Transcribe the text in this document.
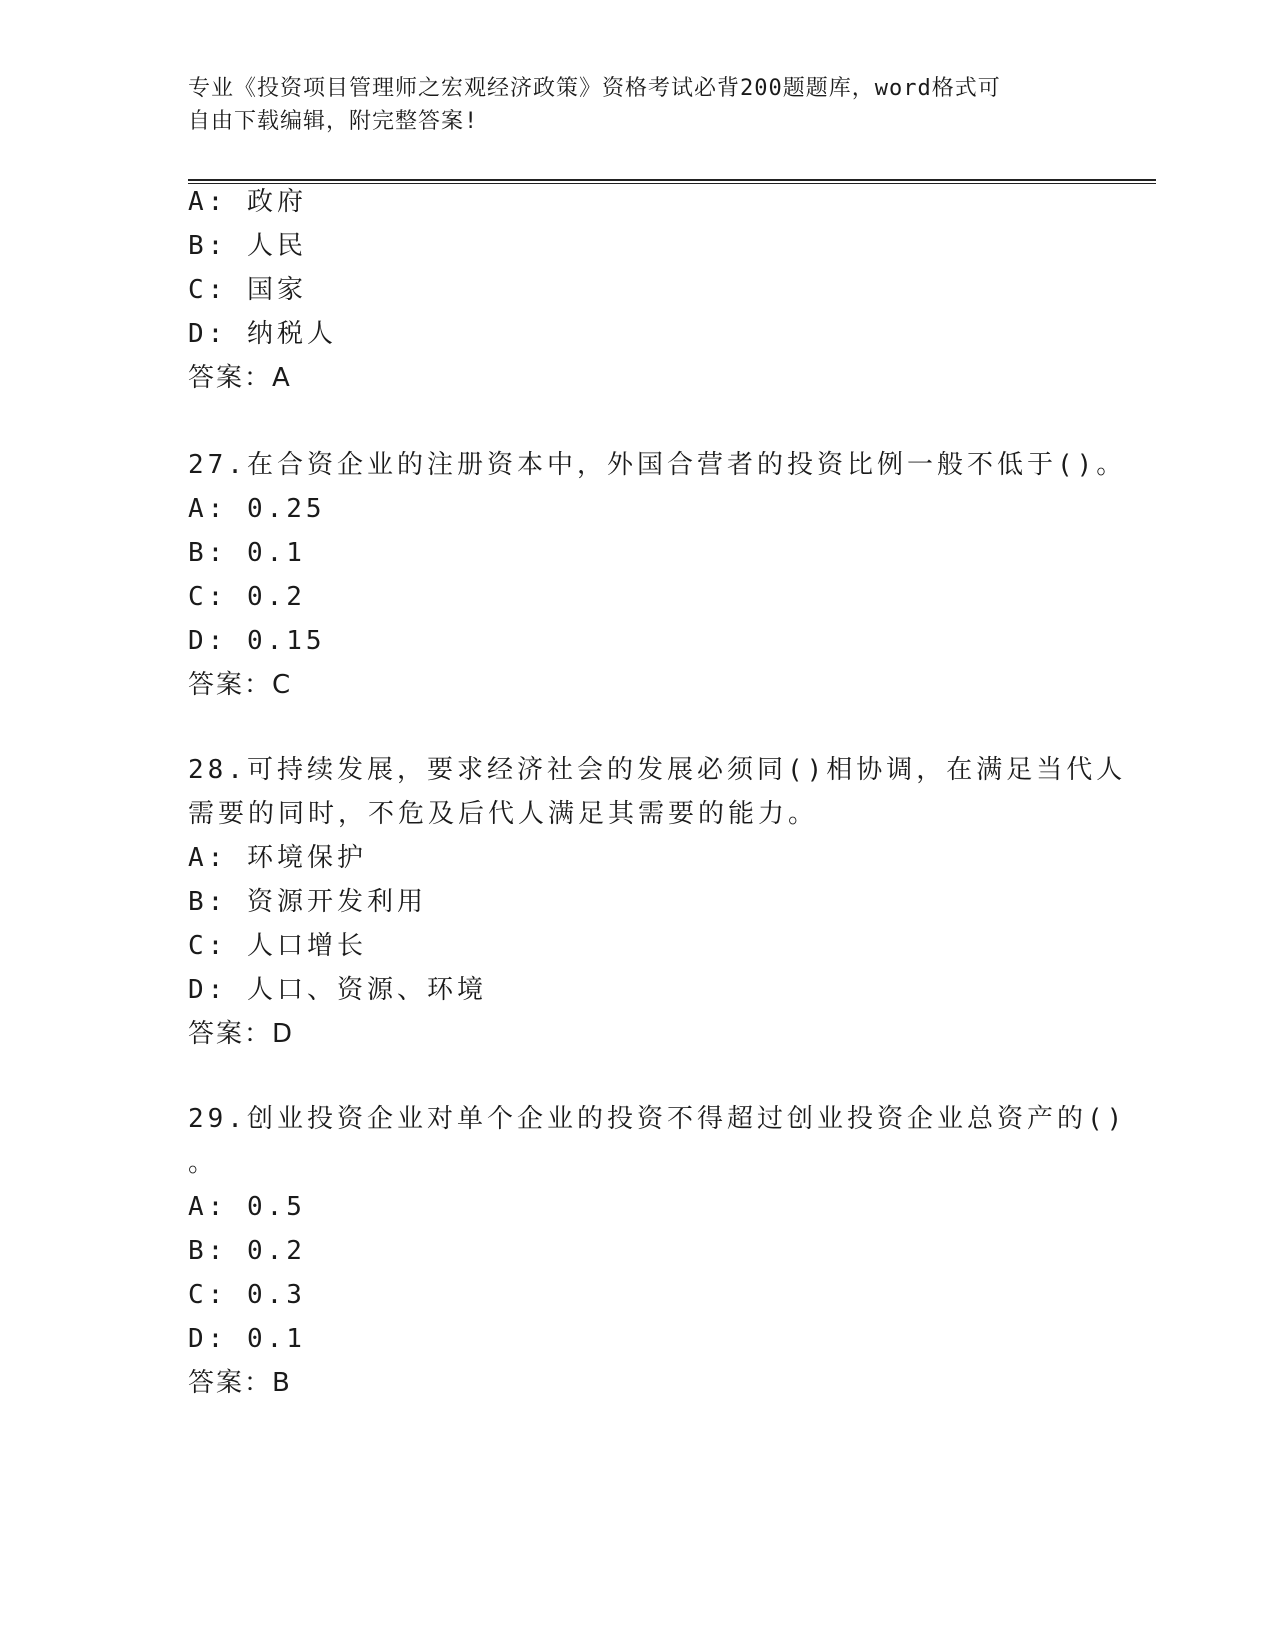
专业《投资项目管理师之宏观经济政策》资格考试必背200题题库，word格式可
自由下载编辑，附完整答案!
A: 政府
B: 人民
C: 国家
D: 纳税人
答案：A
27.在合资企业的注册资本中，外国合营者的投资比例一般不低于()。
A: 0.25
B: 0.1
C: 0.2
D: 0.15
答案：C
28.可持续发展，要求经济社会的发展必须同()相协调，在满足当代人
需要的同时，不危及后代人满足其需要的能力。
A: 环境保护
B: 资源开发利用
C: 人口增长
D: 人口、资源、环境
答案：D
29.创业投资企业对单个企业的投资不得超过创业投资企业总资产的()
。
A: 0.5
B: 0.2
C: 0.3
D: 0.1
答案：B
